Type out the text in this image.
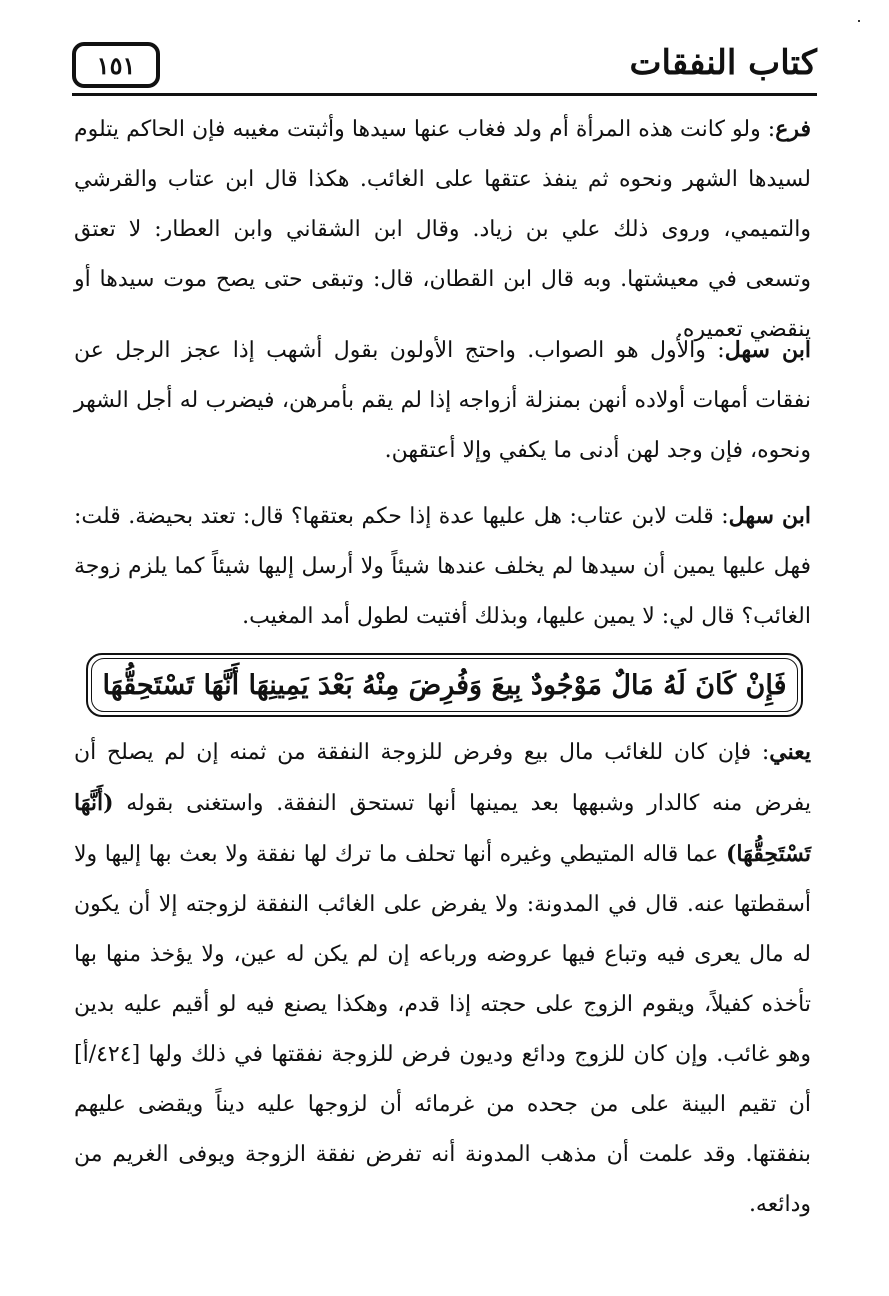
كتاب النفقات
١٥١

فرع: ولو كانت هذه المرأة أم ولد فغاب عنها سيدها وأثبتت مغيبه فإن الحاكم يتلوم لسيدها الشهر ونحوه ثم ينفذ عتقها على الغائب. هكذا قال ابن عتاب والقرشي والتميمي، وروى ذلك علي بن زياد. وقال ابن الشقاني وابن العطار: لا تعتق وتسعى في معيشتها. وبه قال ابن القطان، قال: وتبقى حتى يصح موت سيدها أو ينقضي تعميره.

ابن سهل: والأول هو الصواب. واحتج الأولون بقول أشهب إذا عجز الرجل عن نفقات أمهات أولاده أنهن بمنزلة أزواجه إذا لم يقم بأمرهن، فيضرب له أجل الشهر ونحوه، فإن وجد لهن أدنى ما يكفي وإلا أعتقهن.

ابن سهل: قلت لابن عتاب: هل عليها عدة إذا حكم بعتقها؟ قال: تعتد بحيضة. قلت: فهل عليها يمين أن سيدها لم يخلف عندها شيئاً ولا أرسل إليها شيئاً كما يلزم زوجة الغائب؟ قال لي: لا يمين عليها، وبذلك أفتيت لطول أمد المغيب.

فَإِنْ كَانَ لَهُ مَالٌ مَوْجُودٌ بِيعَ وَفُرِضَ مِنْهُ بَعْدَ يَمِينِهَا أَنَّهَا تَسْتَحِقُّهَا

يعني: فإن كان للغائب مال بيع وفرض للزوجة النفقة من ثمنه إن لم يصلح أن يفرض منه كالدار وشبهها بعد يمينها أنها تستحق النفقة. واستغنى بقوله (أَنَّهَا تَسْتَحِقُّهَا) عما قاله المتيطي وغيره أنها تحلف ما ترك لها نفقة ولا بعث بها إليها ولا أسقطتها عنه. قال في المدونة: ولا يفرض على الغائب النفقة لزوجته إلا أن يكون له مال يعرى فيه وتباع فيها عروضه ورباعه إن لم يكن له عين، ولا يؤخذ منها بها تأخذه كفيلاً، ويقوم الزوج على حجته إذا قدم، وهكذا يصنع فيه لو أقيم عليه بدين وهو غائب. وإن كان للزوج ودائع وديون فرض للزوجة نفقتها في ذلك ولها [٤٢٤/أ] أن تقيم البينة على من جحده من غرمائه أن لزوجها عليه ديناً ويقضى عليهم بنفقتها. وقد علمت أن مذهب المدونة أنه تفرض نفقة الزوجة ويوفى الغريم من ودائعه.
